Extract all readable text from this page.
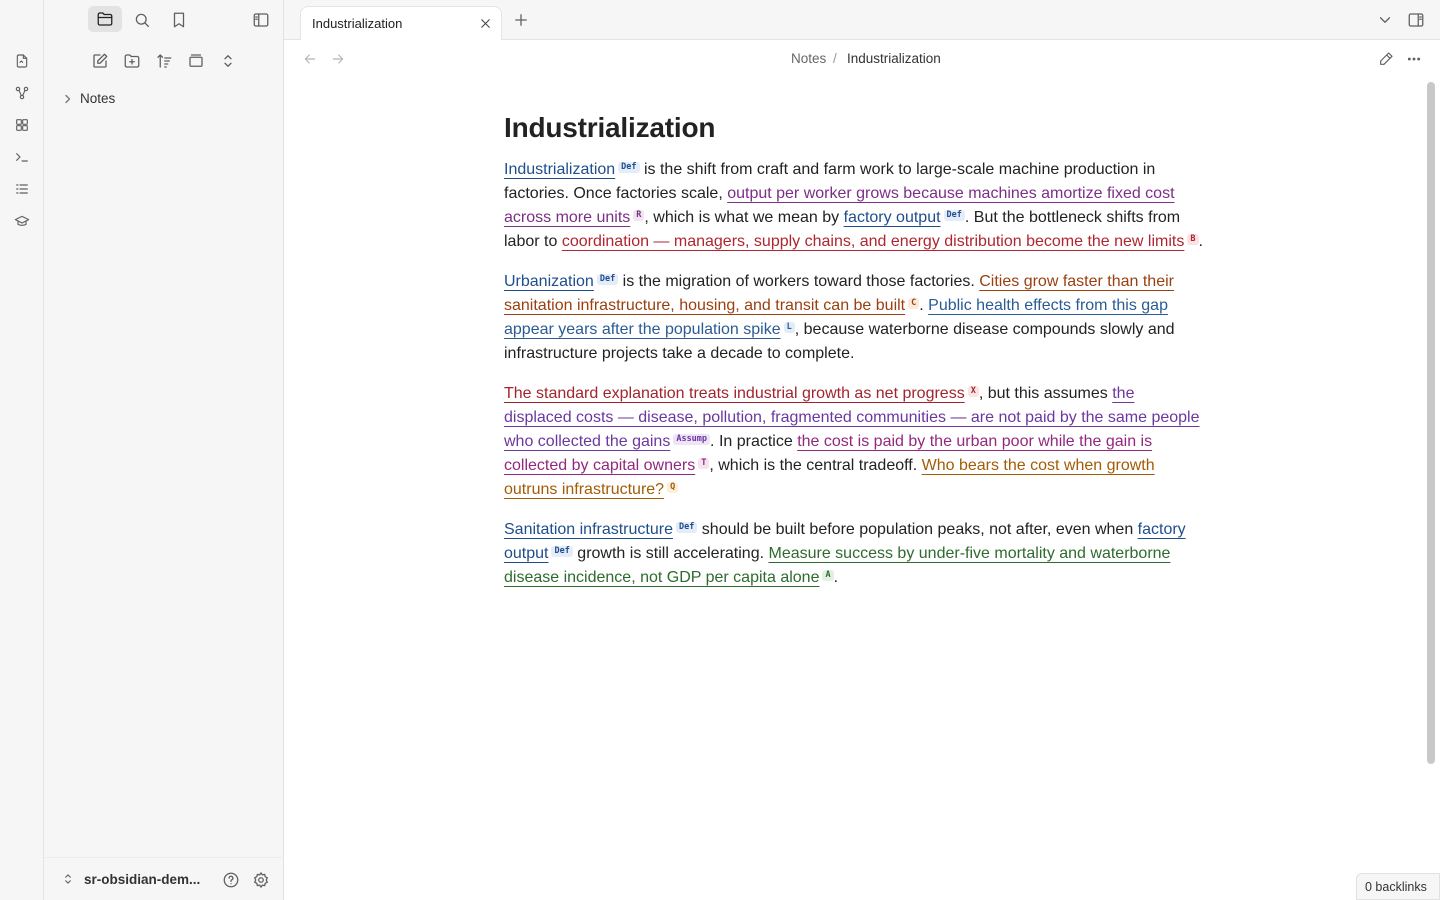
Notes
sr-obsidian-dem...
Industrialization
Notes / Industrialization
Industrialization

Industrialization Def is the shift from craft and farm work to large-scale machine production in factories. Once factories scale, output per worker grows because machines amortize fixed cost across more units R , which is what we mean by factory output Def . But the bottleneck shifts from labor to coordination — managers, supply chains, and energy distribution become the new limits B .

Urbanization Def is the migration of workers toward those factories. Cities grow faster than their sanitation infrastructure, housing, and transit can be built C . Public health effects from this gap appear years after the population spike L , because waterborne disease compounds slowly and infrastructure projects take a decade to complete.

The standard explanation treats industrial growth as net progress X , but this assumes the displaced costs — disease, pollution, fragmented communities — are not paid by the same people who collected the gains Assump . In practice the cost is paid by the urban poor while the gain is collected by capital owners T , which is the central tradeoff. Who bears the cost when growth outruns infrastructure? Q

Sanitation infrastructure Def should be built before population peaks, not after, even when factory output Def growth is still accelerating. Measure success by under-five mortality and waterborne disease incidence, not GDP per capita alone A .

0 backlinks
